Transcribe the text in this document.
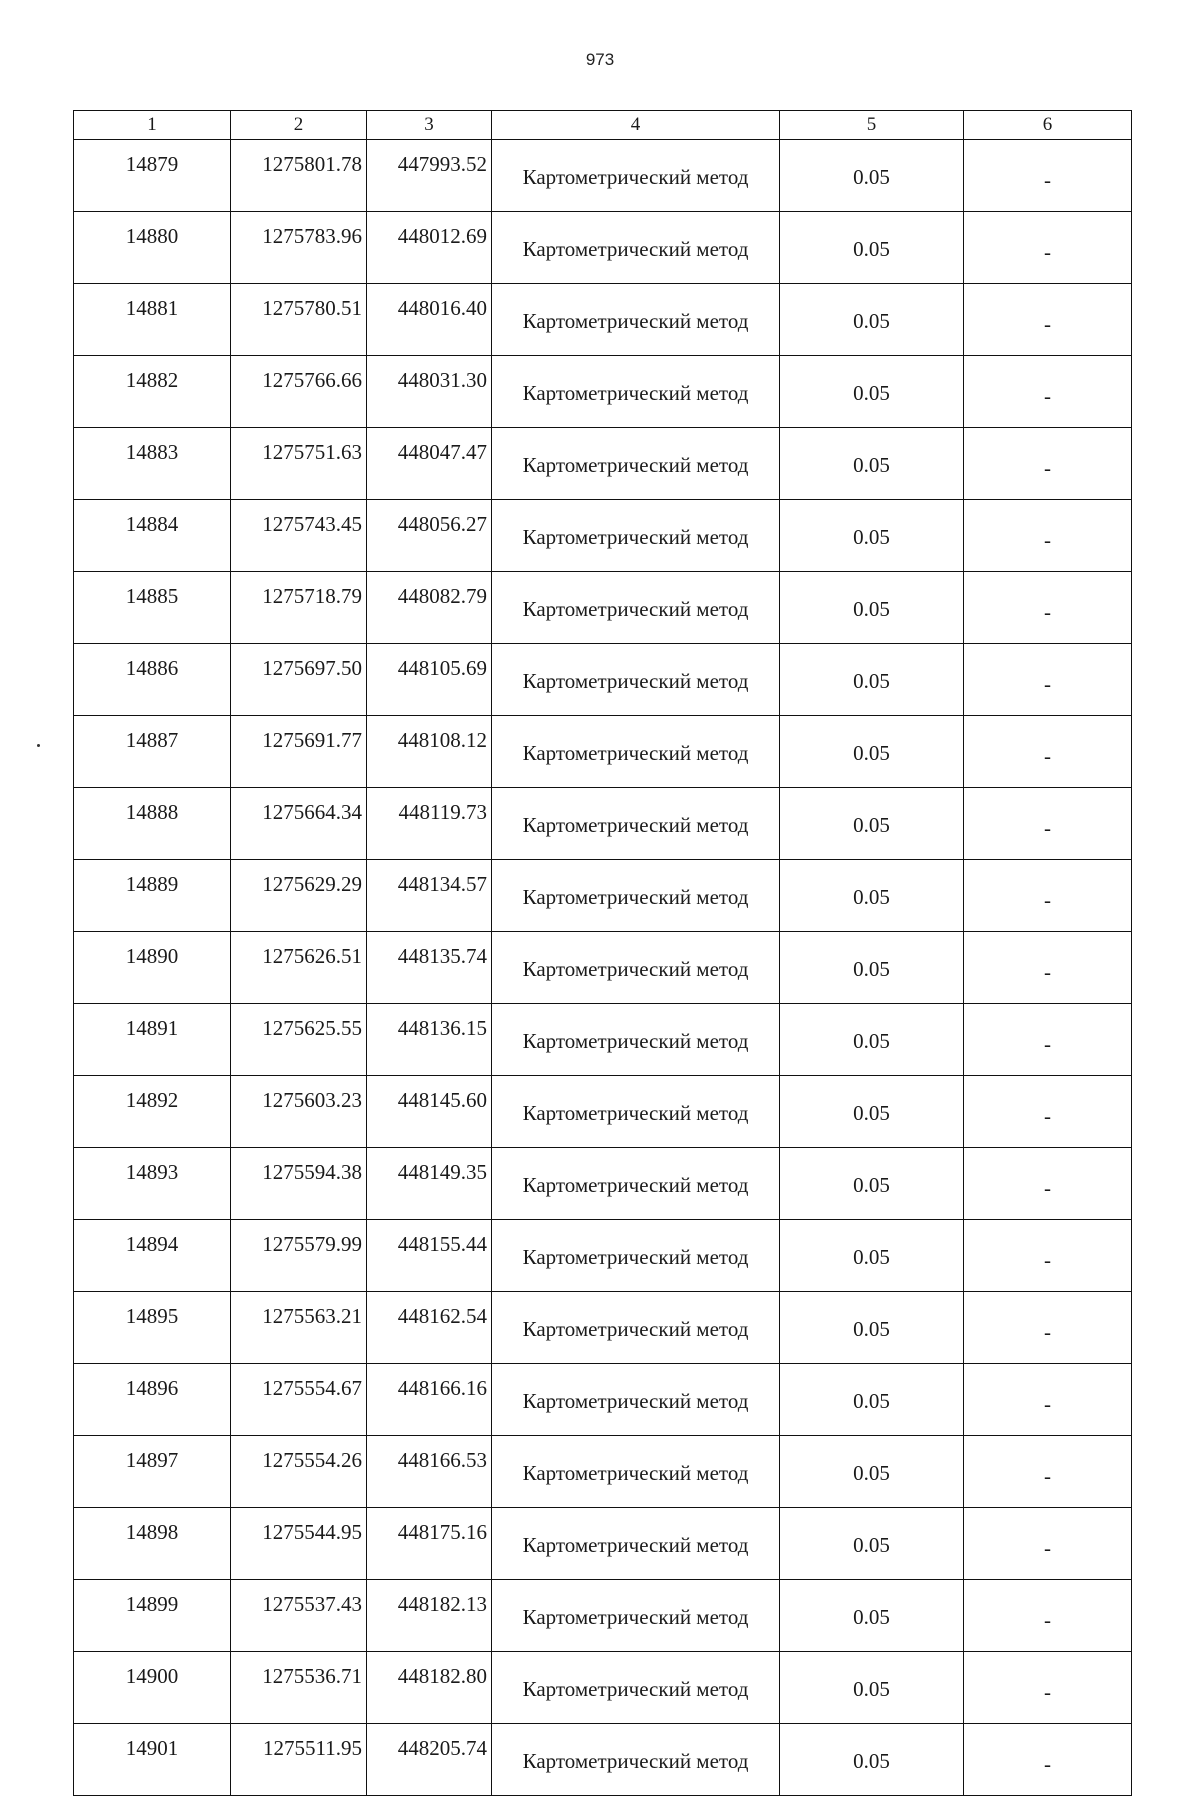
973
1	2	3	4	5	6
14879	1275801.78	447993.52	Картометрический метод	0.05	-
14880	1275783.96	448012.69	Картометрический метод	0.05	-
14881	1275780.51	448016.40	Картометрический метод	0.05	-
14882	1275766.66	448031.30	Картометрический метод	0.05	-
14883	1275751.63	448047.47	Картометрический метод	0.05	-
14884	1275743.45	448056.27	Картометрический метод	0.05	-
14885	1275718.79	448082.79	Картометрический метод	0.05	-
14886	1275697.50	448105.69	Картометрический метод	0.05	-
14887	1275691.77	448108.12	Картометрический метод	0.05	-
14888	1275664.34	448119.73	Картометрический метод	0.05	-
14889	1275629.29	448134.57	Картометрический метод	0.05	-
14890	1275626.51	448135.74	Картометрический метод	0.05	-
14891	1275625.55	448136.15	Картометрический метод	0.05	-
14892	1275603.23	448145.60	Картометрический метод	0.05	-
14893	1275594.38	448149.35	Картометрический метод	0.05	-
14894	1275579.99	448155.44	Картометрический метод	0.05	-
14895	1275563.21	448162.54	Картометрический метод	0.05	-
14896	1275554.67	448166.16	Картометрический метод	0.05	-
14897	1275554.26	448166.53	Картометрический метод	0.05	-
14898	1275544.95	448175.16	Картометрический метод	0.05	-
14899	1275537.43	448182.13	Картометрический метод	0.05	-
14900	1275536.71	448182.80	Картометрический метод	0.05	-
14901	1275511.95	448205.74	Картометрический метод	0.05	-
